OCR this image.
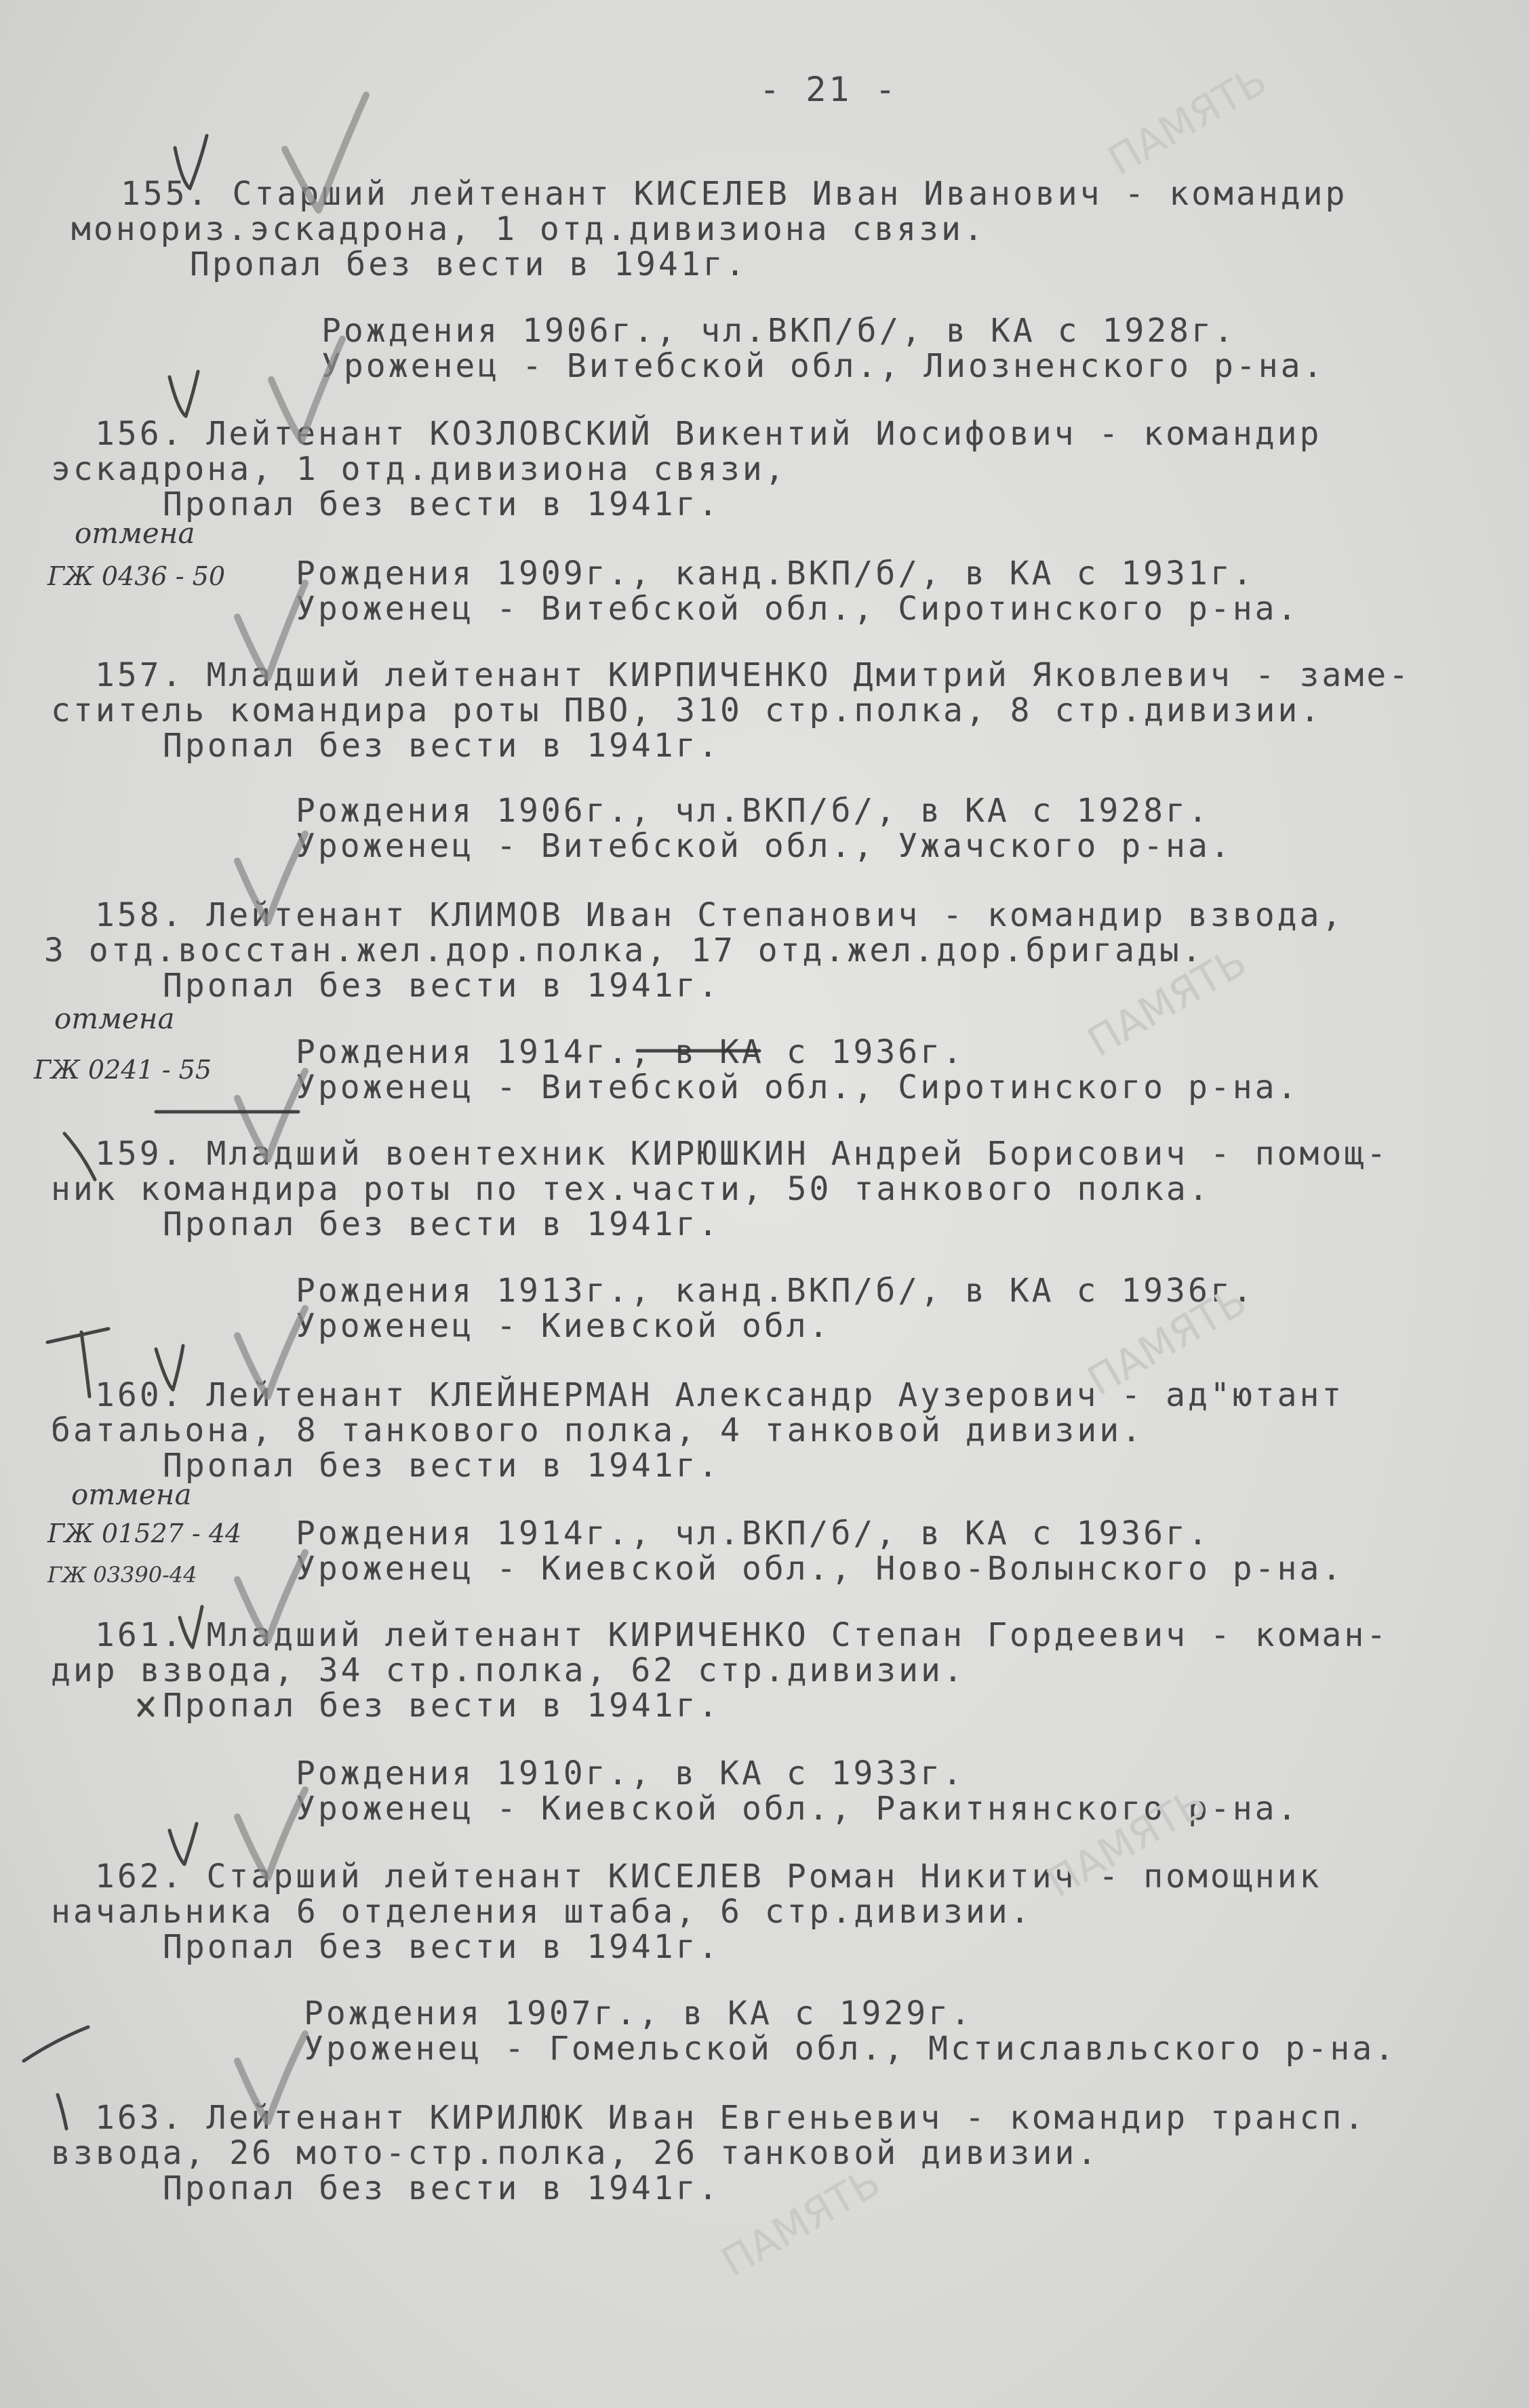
- 21 -
155. Старший лейтенант КИСЕЛЕВ Иван Иванович - командир
монориз.эскадрона, 1 отд.дивизиона связи.
Пропал без вести в 1941г.
Рождения 1906г., чл.ВКП/б/, в КА с 1928г.
Уроженец - Витебской обл., Лиозненского р-на.
156. Лейтенант КОЗЛОВСКИЙ Викентий Иосифович - командир
эскадрона, 1 отд.дивизиона связи,
Пропал без вести в 1941г.
отмена
ГЖ 0436 - 50 Рождения 1909г., канд.ВКП/б/, в КА с 1931г.
Уроженец - Витебской обл., Сиротинского р-на.
157. Младший лейтенант КИРПИЧЕНКО Дмитрий Яковлевич - заме-
ститель командира роты ПВО, 310 стр.полка, 8 стр.дивизии.
Пропал без вести в 1941г.
Рождения 1906г., чл.ВКП/б/, в КА с 1928г.
Уроженец - Витебской обл., Ужачского р-на.
158. Лейтенант КЛИМОВ Иван Степанович - командир взвода,
3 отд.восстан.жел.дор.полка, 17 отд.жел.дор.бригады.
Пропал без вести в 1941г.
отмена
ГЖ 0241 - 55	Рождения 1914г., в КА с 1936г.
Уроженец - Витебской обл., Сиротинского р-на.
159. Младший воентехник КИРЮШКИН Андрей Борисович - помощ-
ник командира роты по тех.части, 50 танкового полка.
Пропал без вести в 1941г.
Рождения 1913г., канд.ВКП/б/, в КА с 1936г.
Уроженец - Киевской обл.
160. Лейтенант КЛЕЙНЕРМАН Александр Аузерович - ад"ютант
батальона, 8 танкового полка, 4 танковой дивизии.
Пропал без вести в 1941г.
отмена
ГЖ 01527 - 44
ГЖ 03390-44
Рождения 1914г., чл.ВКП/б/, в КА с 1936г.
Уроженец - Киевской обл., Ново-Волынского р-на.
161. Младший лейтенант КИРИЧЕНКО Степан Гордеевич - коман-
дир взвода, 34 стр.полка, 62 стр.дивизии.
Пропал без вести в 1941г.
Рождения 1910г., в КА с 1933г.
Уроженец - Киевской обл., Ракитнянского р-на.
162. Старший лейтенант КИСЕЛЕВ Роман Никитич - помощник
начальника 6 отделения штаба, 6 стр.дивизии.
Пропал без вести в 1941г.
Рождения 1907г., в КА с 1929г.
Уроженец - Гомельской обл., Мстиславльского р-на.
163. Лейтенант КИРИЛЮК Иван Евгеньевич - командир трансп.
взвода, 26 мото-стр.полка, 26 танковой дивизии.
Пропал без вести в 1941г.
ПАМЯТЬ
ПАМЯТЬ
ПАМЯТЬ
ПАМЯТЬ
ПАМЯТЬ
